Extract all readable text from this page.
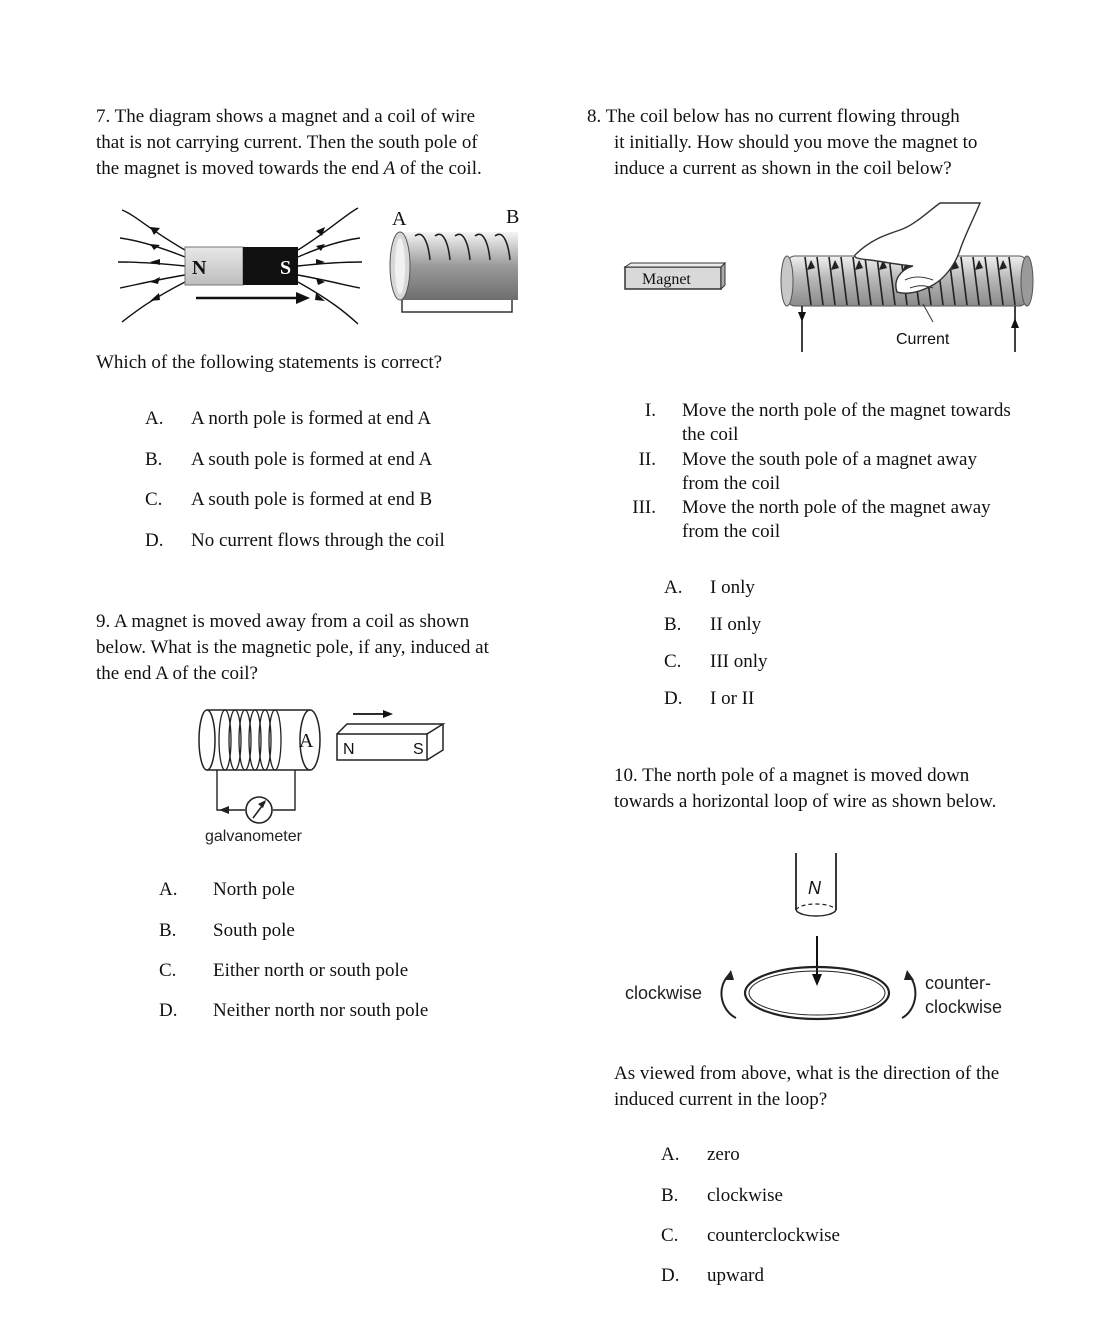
7. The diagram shows a magnet and a coil of wire
that is not carrying current. Then the south pole of
the magnet is moved towards the end A of the coil.
N	S
A	B
Which of the following statements is correct?
A. A north pole is formed at end A
B. A south pole is formed at end A
C. A south pole is formed at end B
D. No current flows through the coil
8. The coil below has no current flowing through
it initially. How should you move the magnet to
induce a current as shown in the coil below?
Magnet
Current
I. Move the north pole of the magnet towards
the coil
II. Move the south pole of a magnet away
from the coil
III. Move the north pole of the magnet away
from the coil
A. I only
B. II only
C. III only
D. I or II
9. A magnet is moved away from a coil as shown
below. What is the magnetic pole, if any, induced at
the end A of the coil?
A
galvanometer
N	S
A. North pole
B. South pole
C. Either north or south pole
D. Neither north nor south pole
10. The north pole of a magnet is moved down
towards a horizontal loop of wire as shown below.
N
clockwise	counter-
clockwise
As viewed from above, what is the direction of the
induced current in the loop?
A. zero
B. clockwise
C. counterclockwise
D. upward
